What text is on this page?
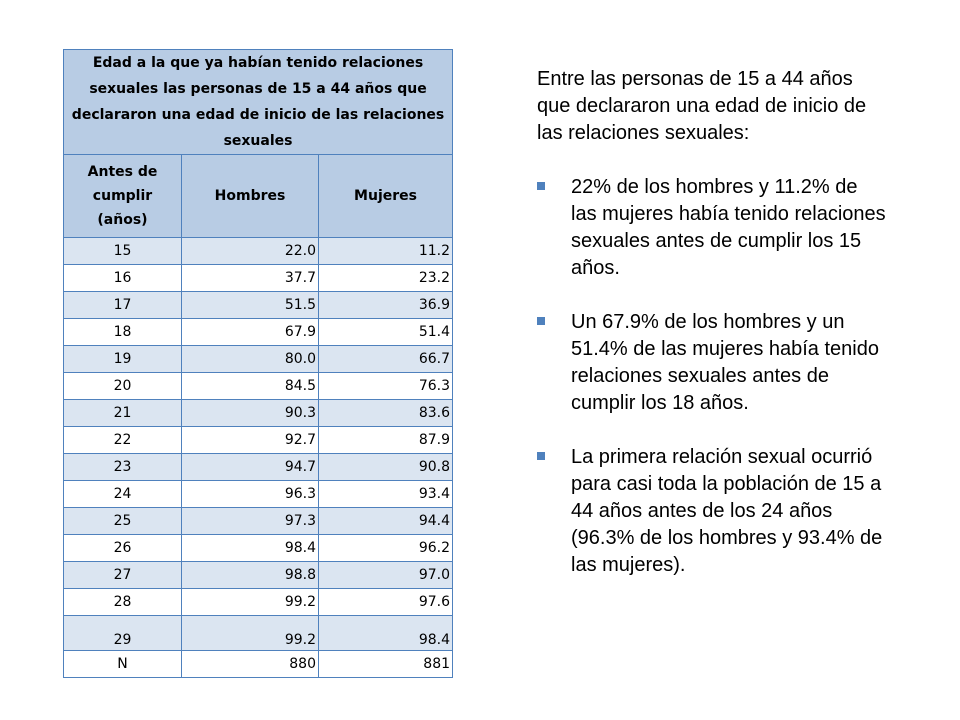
Edad a la que ya habían tenido relaciones sexuales las personas de 15 a 44 años que declararon una edad de inicio de las relaciones sexuales		
Antes de cumplir (años)	Hombres	Mujeres
15	22.0	11.2
16	37.7	23.2
17	51.5	36.9
18	67.9	51.4
19	80.0	66.7
20	84.5	76.3
21	90.3	83.6
22	92.7	87.9
23	94.7	90.8
24	96.3	93.4
25	97.3	94.4
26	98.4	96.2
27	98.8	97.0
28	99.2	97.6
29	99.2	98.4
N	880	881

Entre las personas de 15 a 44 años que declararon una edad de inicio de las relaciones sexuales:

22% de los hombres y 11.2% de las mujeres había tenido relaciones sexuales antes de cumplir los 15 años.
Un 67.9% de los hombres y un 51.4% de las mujeres había tenido relaciones sexuales antes de cumplir los 18 años.
La primera relación sexual ocurrió para casi toda la población de 15 a 44 años antes de los 24 años (96.3% de los hombres y 93.4% de las mujeres).
